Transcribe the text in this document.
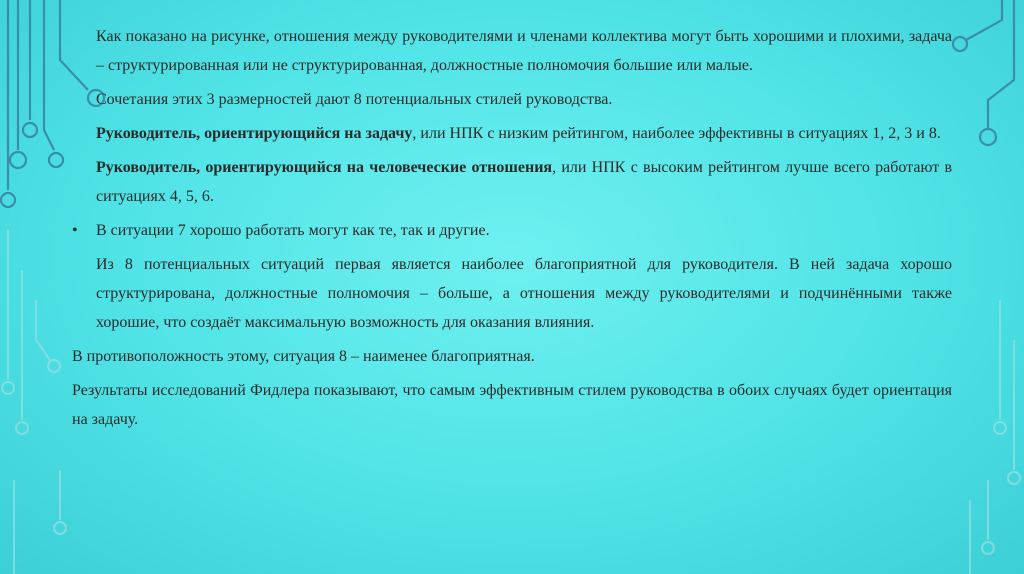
Как показано на рисунке, отношения между руководителями и членами коллектива могут быть хорошими и плохими, задача – структурированная или не структурированная, должностные полномочия большие или малые.

Сочетания этих 3 размерностей дают 8 потенциальных стилей руководства.

Руководитель, ориентирующийся на задачу, или НПК с низким рейтингом, наиболее эффективны в ситуациях 1, 2, 3 и 8.

Руководитель, ориентирующийся на человеческие отношения, или НПК с высоким рейтингом лучше всего работают в ситуациях 4, 5, 6.

•	В ситуации 7 хорошо работать могут как те, так и другие.

Из 8 потенциальных ситуаций первая является наиболее благоприятной для руководителя. В ней задача хорошо структурирована, должностные полномочия – больше, а отношения между руководителями и подчинёнными также хорошие, что создаёт максимальную возможность для оказания влияния.

В противоположность этому, ситуация 8 – наименее благоприятная.

Результаты исследований Фидлера показывают, что самым эффективным стилем руководства в обоих случаях будет ориентация на задачу.
